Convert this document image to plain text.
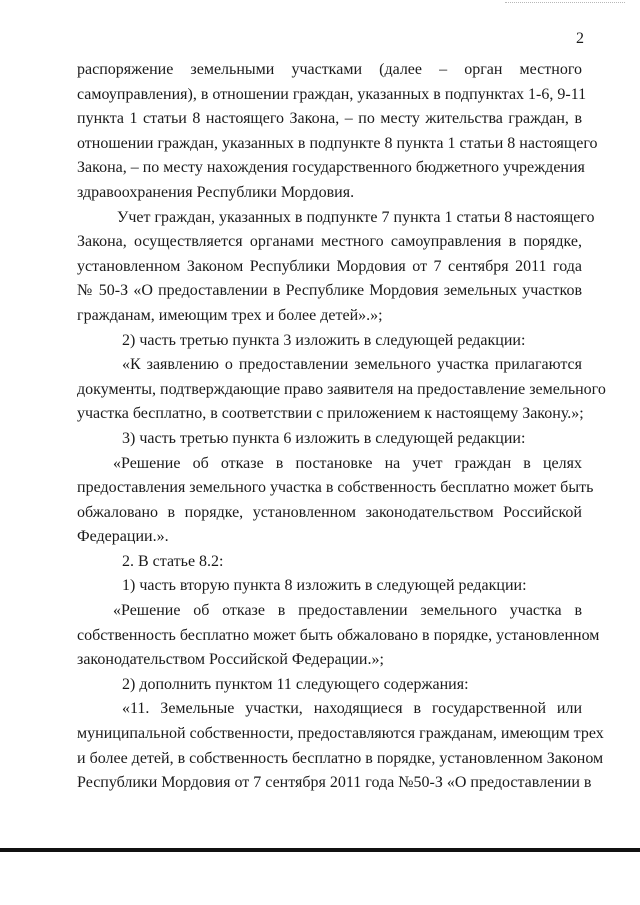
2
распоряжение земельными участками (далее – орган местного
самоуправления), в отношении граждан, указанных в подпунктах 1-6, 9-11
пункта 1 статьи 8 настоящего Закона, – по месту жительства граждан, в
отношении граждан, указанных в подпункте 8 пункта 1 статьи 8 настоящего
Закона, – по месту нахождения государственного бюджетного учреждения
здравоохранения Республики Мордовия.
Учет граждан, указанных в подпункте 7 пункта 1 статьи 8 настоящего
Закона, осуществляется органами местного самоуправления в порядке,
установленном Законом Республики Мордовия от 7 сентября 2011 года
№ 50-З «О предоставлении в Республике Мордовия земельных участков
гражданам, имеющим трех и более детей».»;
2) часть третью пункта 3 изложить в следующей редакции:
«К заявлению о предоставлении земельного участка прилагаются
документы, подтверждающие право заявителя на предоставление земельного
участка бесплатно, в соответствии с приложением к настоящему Закону.»;
3) часть третью пункта 6 изложить в следующей редакции:
«Решение об отказе в постановке на учет граждан в целях
предоставления земельного участка в собственность бесплатно может быть
обжаловано в порядке, установленном законодательством Российской
Федерации.».
2. В статье 8.2:
1) часть вторую пункта 8 изложить в следующей редакции:
«Решение об отказе в предоставлении земельного участка в
собственность бесплатно может быть обжаловано в порядке, установленном
законодательством Российской Федерации.»;
2) дополнить пунктом 11 следующего содержания:
«11. Земельные участки, находящиеся в государственной или
муниципальной собственности, предоставляются гражданам, имеющим трех
и более детей, в собственность бесплатно в порядке, установленном Законом
Республики Мордовия от 7 сентября 2011 года №50-З «О предоставлении в
